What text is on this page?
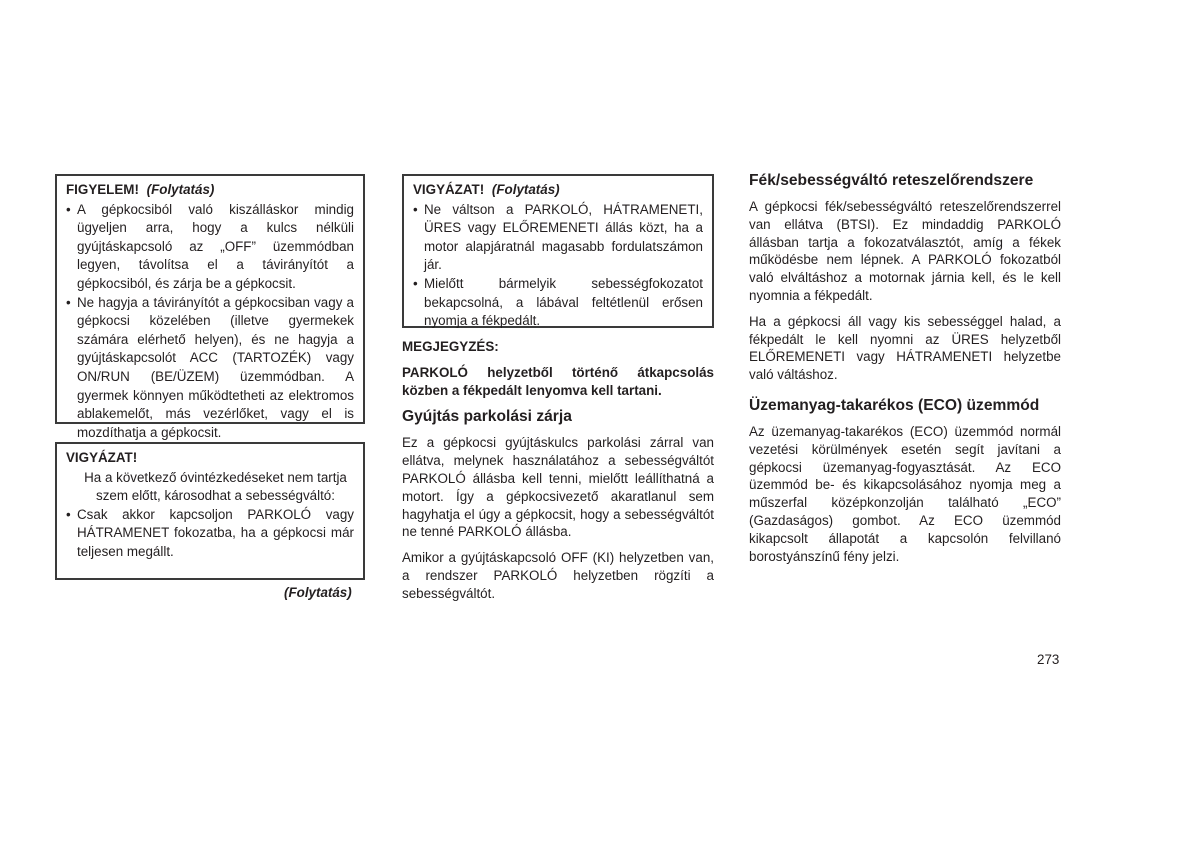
FIGYELEM! (Folytatás)
• A gépkocsiból való kiszálláskor mindig ügyeljen arra, hogy a kulcs nélküli gyújtáskapcsoló az „OFF” üzemmódban legyen, távolítsa el a távirányítót a gépkocsiból, és zárja be a gépkocsit.
• Ne hagyja a távirányítót a gépkocsiban vagy a gépkocsi közelében (illetve gyermekek számára elérhető helyen), és ne hagyja a gyújtáskapcsolót ACC (TARTOZÉK) vagy ON/RUN (BE/ÜZEM) üzemmódban. A gyermek könnyen működtetheti az elektromos ablakemelőt, más vezérlőket, vagy el is mozdíthatja a gépkocsit.
VIGYÁZAT!

Ha a következő óvintézkedéseket nem tartja szem előtt, károsodhat a sebességváltó:

• Csak akkor kapcsoljon PARKOLÓ vagy HÁTRAMENET fokozatba, ha a gépkocsi már teljesen megállt.
(Folytatás)
VIGYÁZAT! (Folytatás)
• Ne váltson a PARKOLÓ, HÁTRAMENETI, ÜRES vagy ELŐREMENETI állás közt, ha a motor alapjáratnál magasabb fordulatszámon jár.
• Mielőtt bármelyik sebességfokozatot bekapcsolná, a lábával feltétlenül erősen nyomja a fékpedált.

MEGJEGYZÉS:

PARKOLÓ helyzetből történő átkapcsolás közben a fékpedált lenyomva kell tartani.

Gyújtás parkolási zárja

Ez a gépkocsi gyújtáskulcs parkolási zárral van ellátva, melynek használatához a sebességváltót PARKOLÓ állásba kell tenni, mielőtt leállíthatná a motort. Így a gépkocsivezető akaratlanul sem hagyhatja el úgy a gépkocsit, hogy a sebességváltót ne tenné PARKOLÓ állásba.

Amikor a gyújtáskapcsoló OFF (KI) helyzetben van, a rendszer PARKOLÓ helyzetben rögzíti a sebességváltót.

Fék/sebességváltó reteszelőrendszere

A gépkocsi fék/sebességváltó reteszelőrendszerrel van ellátva (BTSI). Ez mindaddig PARKOLÓ állásban tartja a fokozatválasztót, amíg a fékek működésbe nem lépnek. A PARKOLÓ fokozatból való elváltáshoz a motornak járnia kell, és le kell nyomnia a fékpedált.

Ha a gépkocsi áll vagy kis sebességgel halad, a fékpedált le kell nyomni az ÜRES helyzetből ELŐREMENETI vagy HÁTRAMENETI helyzetbe való váltáshoz.

Üzemanyag-takarékos (ECO) üzemmód

Az üzemanyag-takarékos (ECO) üzemmód normál vezetési körülmények esetén segít javítani a gépkocsi üzemanyag-fogyasztását. Az ECO üzemmód be- és kikapcsolásához nyomja meg a műszerfal középkonzolján található „ECO” (Gazdaságos) gombot. Az ECO üzemmód kikapcsolt állapotát a kapcsolón felvillanó borostyánszínű fény jelzi.

273
